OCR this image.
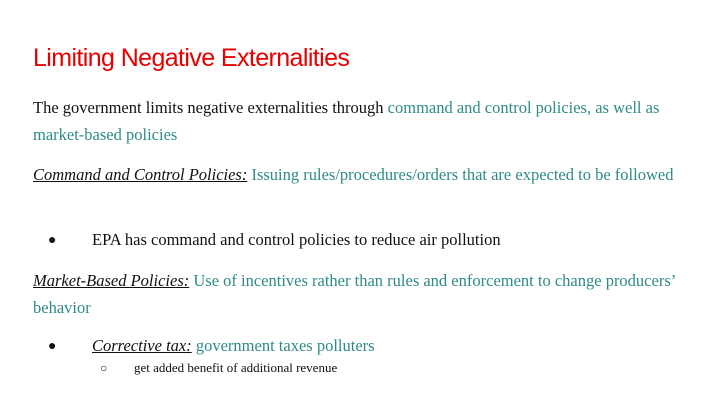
Limiting Negative Externalities
The government limits negative externalities through command and control policies, as well as market-based policies
Command and Control Policies: Issuing rules/procedures/orders that are expected to be followed
● EPA has command and control policies to reduce air pollution
Market-Based Policies: Use of incentives rather than rules and enforcement to change producers’ behavior
● Corrective tax: government taxes polluters
○ get added benefit of additional revenue
